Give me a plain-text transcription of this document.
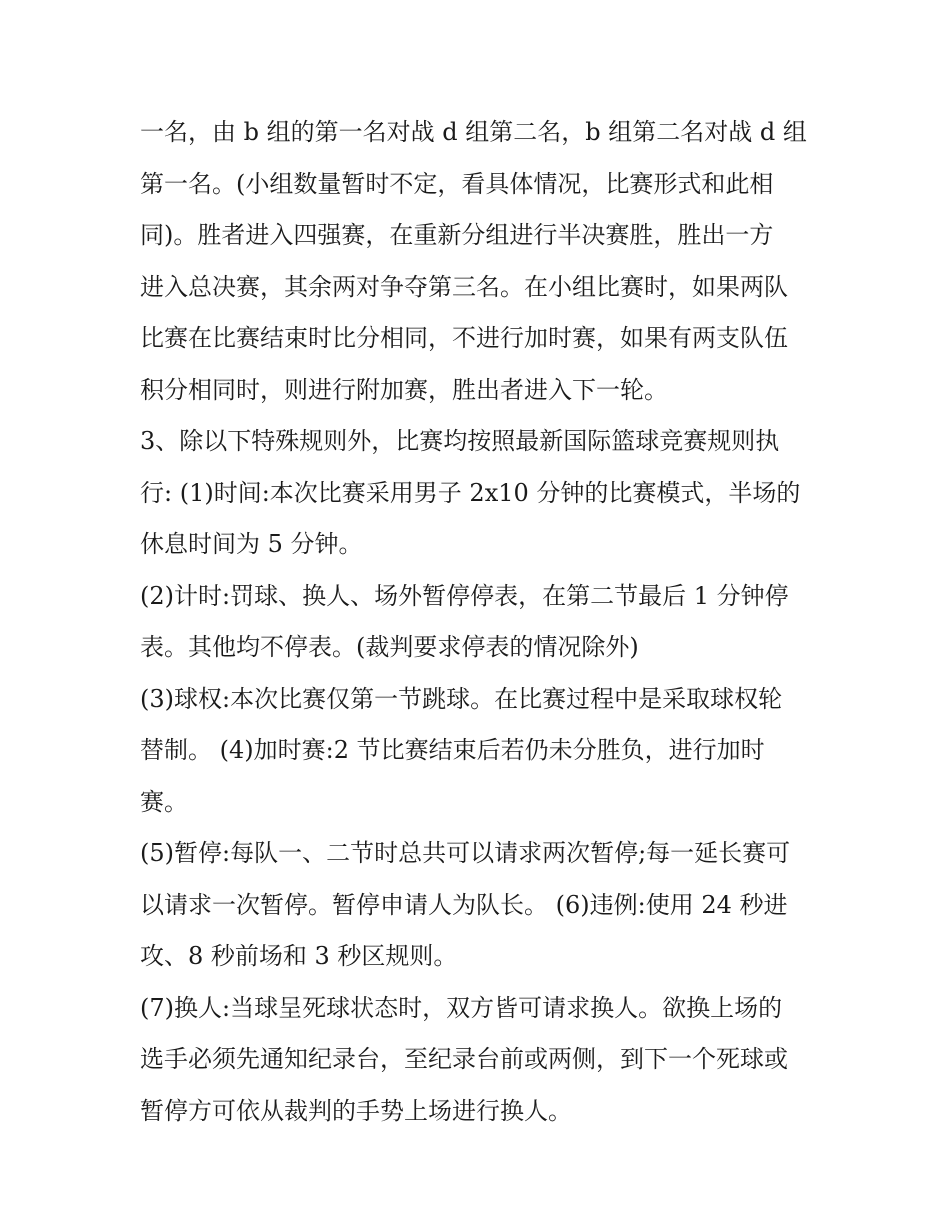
一名，由 b 组的第一名对战 d 组第二名，b 组第二名对战 d 组
第一名。(小组数量暂时不定，看具体情况，比赛形式和此相
同)。胜者进入四强赛，在重新分组进行半决赛胜，胜出一方
进入总决赛，其余两对争夺第三名。在小组比赛时，如果两队
比赛在比赛结束时比分相同，不进行加时赛，如果有两支队伍
积分相同时，则进行附加赛，胜出者进入下一轮。
3、除以下特殊规则外，比赛均按照最新国际篮球竞赛规则执
行: (1)时间:本次比赛采用男子 2x10 分钟的比赛模式，半场的
休息时间为 5 分钟。
(2)计时:罚球、换人、场外暂停停表，在第二节最后 1 分钟停
表。其他均不停表。(裁判要求停表的情况除外)
(3)球权:本次比赛仅第一节跳球。在比赛过程中是采取球权轮
替制。 (4)加时赛:2 节比赛结束后若仍未分胜负，进行加时
赛。
(5)暂停:每队一、二节时总共可以请求两次暂停;每一延长赛可
以请求一次暂停。暂停申请人为队长。 (6)违例:使用 24 秒进
攻、8 秒前场和 3 秒区规则。
(7)换人:当球呈死球状态时，双方皆可请求换人。欲换上场的
选手必须先通知纪录台，至纪录台前或两侧，到下一个死球或
暂停方可依从裁判的手势上场进行换人。
